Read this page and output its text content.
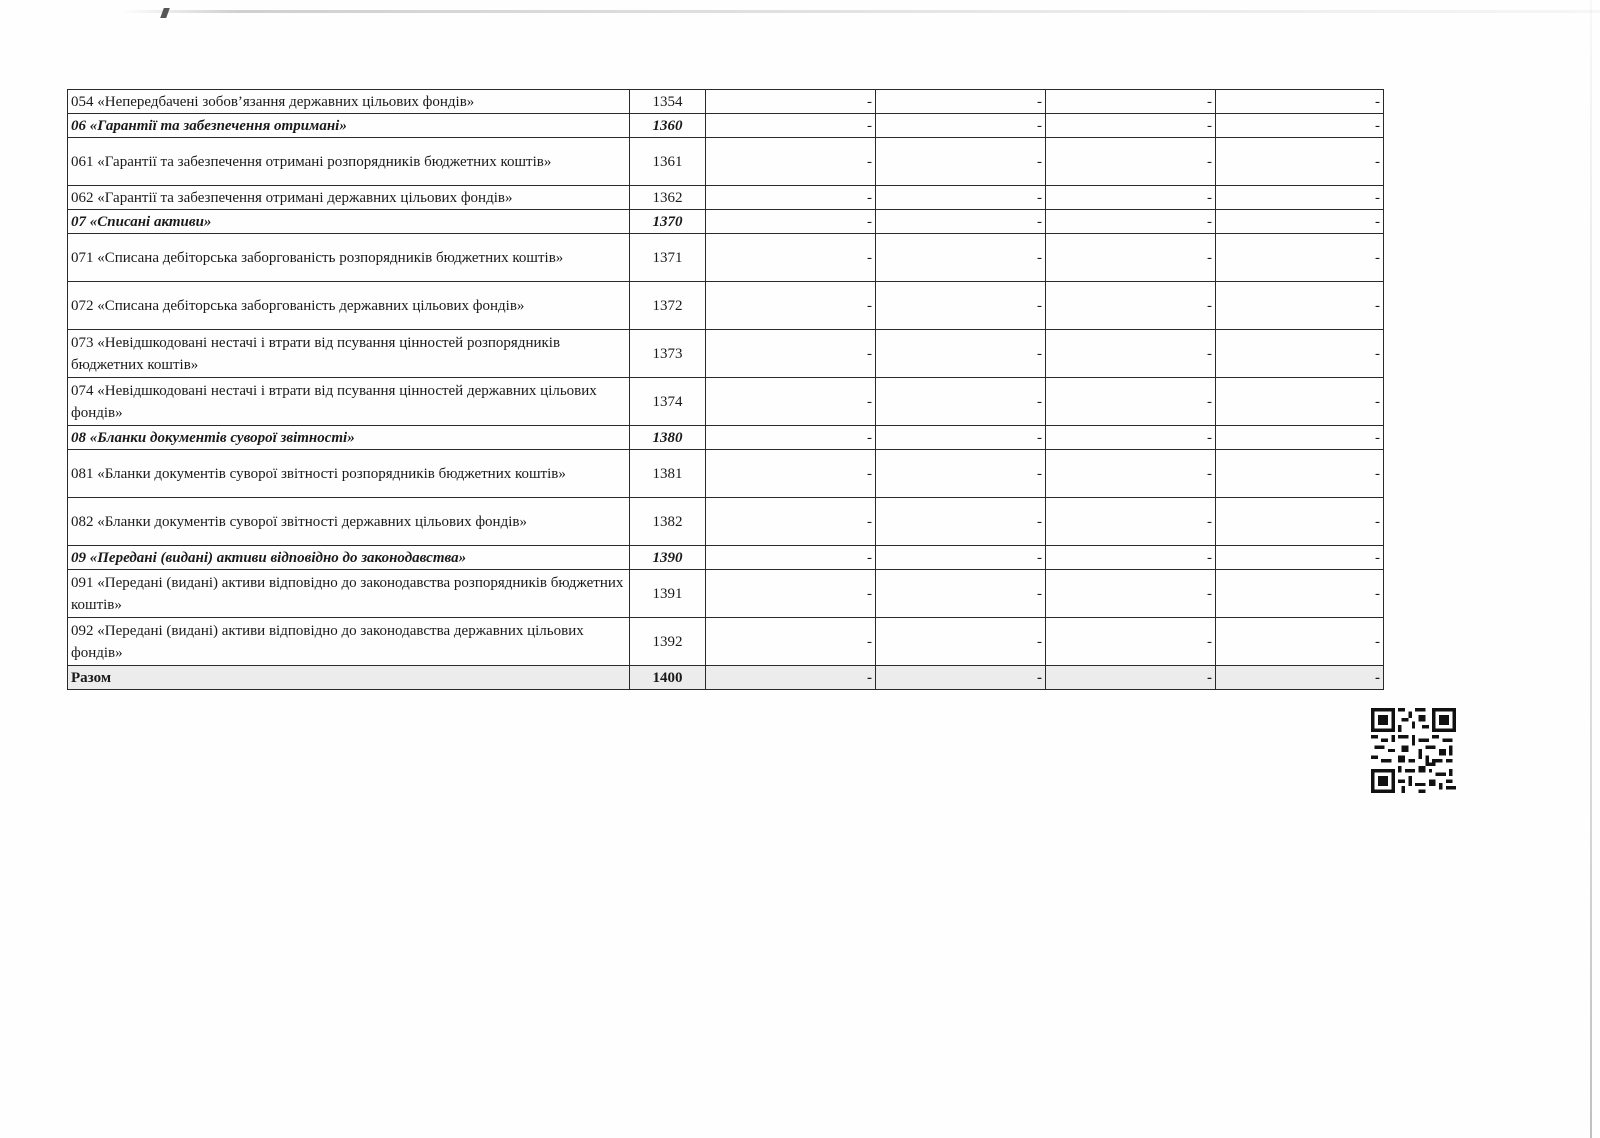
054 «Непередбачені зобов’язання державних цільових фондів»	1354	-	-	-	-
06 «Гарантії та забезпечення отримані»	1360	-	-	-	-
061 «Гарантії та забезпечення отримані розпорядників бюджетних коштів»	1361	-	-	-	-
062 «Гарантії та забезпечення отримані державних цільових фондів»	1362	-	-	-	-
07 «Списані активи»	1370	-	-	-	-
071 «Списана дебіторська заборгованість розпорядників бюджетних коштів»	1371	-	-	-	-
072 «Списана дебіторська заборгованість державних цільових фондів»	1372	-	-	-	-
073 «Невідшкодовані нестачі і втрати від псування цінностей розпорядників бюджетних коштів»	1373	-	-	-	-
074 «Невідшкодовані нестачі і втрати від псування цінностей державних цільових фондів»	1374	-	-	-	-
08 «Бланки документів суворої звітності»	1380	-	-	-	-
081 «Бланки документів суворої звітності розпорядників бюджетних коштів»	1381	-	-	-	-
082 «Бланки документів суворої звітності державних цільових фондів»	1382	-	-	-	-
09 «Передані (видані) активи відповідно до законодавства»	1390	-	-	-	-
091 «Передані (видані) активи відповідно до законодавства розпорядників бюджетних коштів»	1391	-	-	-	-
092 «Передані (видані) активи відповідно до законодавства державних цільових фондів»	1392	-	-	-	-
Разом	1400	-	-	-	-
